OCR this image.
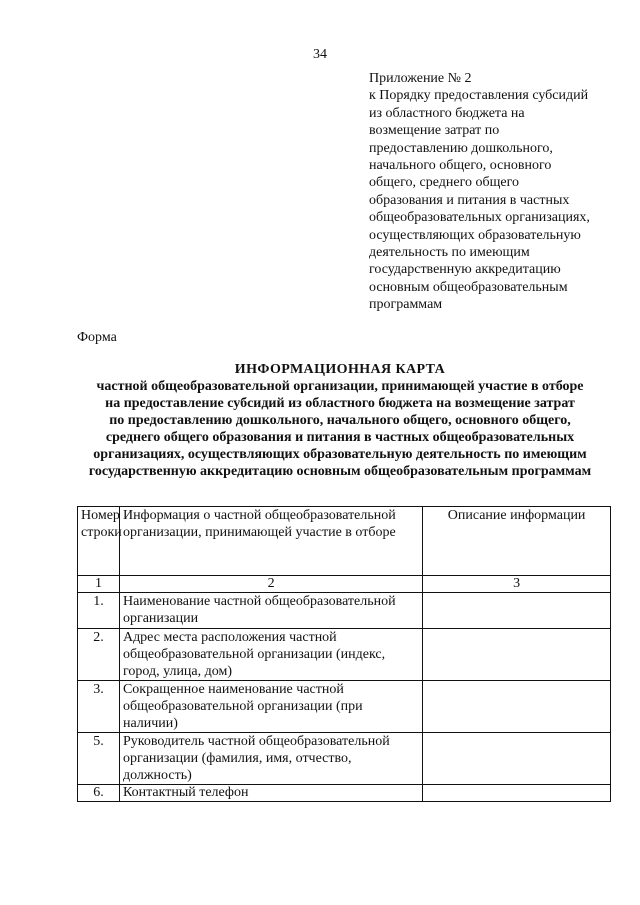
34
Приложение № 2
к Порядку предоставления субсидий
из областного бюджета на
возмещение затрат по
предоставлению дошкольного,
начального общего, основного
общего, среднего общего
образования и питания в частных
общеобразовательных организациях,
осуществляющих образовательную
деятельность по имеющим
государственную аккредитацию
основным общеобразовательным
программам
Форма
ИНФОРМАЦИОННАЯ КАРТА
частной общеобразовательной организации, принимающей участие в отборе
на предоставление субсидий из областного бюджета на возмещение затрат
по предоставлению дошкольного, начального общего, основного общего,
среднего общего образования и питания в частных общеобразовательных
организациях, осуществляющих образовательную деятельность по имеющим
государственную аккредитацию основным общеобразовательным программам
Номер строки	Информация о частной общеобразовательной организации, принимающей участие в отборе	Описание информации
1	2	3
1.	Наименование частной общеобразовательной организации	
2.	Адрес места расположения частной общеобразовательной организации (индекс, город, улица, дом)	
3.	Сокращенное наименование частной общеобразовательной организации (при наличии)	
5.	Руководитель частной общеобразовательной организации (фамилия, имя, отчество, должность)	
6.	Контактный телефон	
